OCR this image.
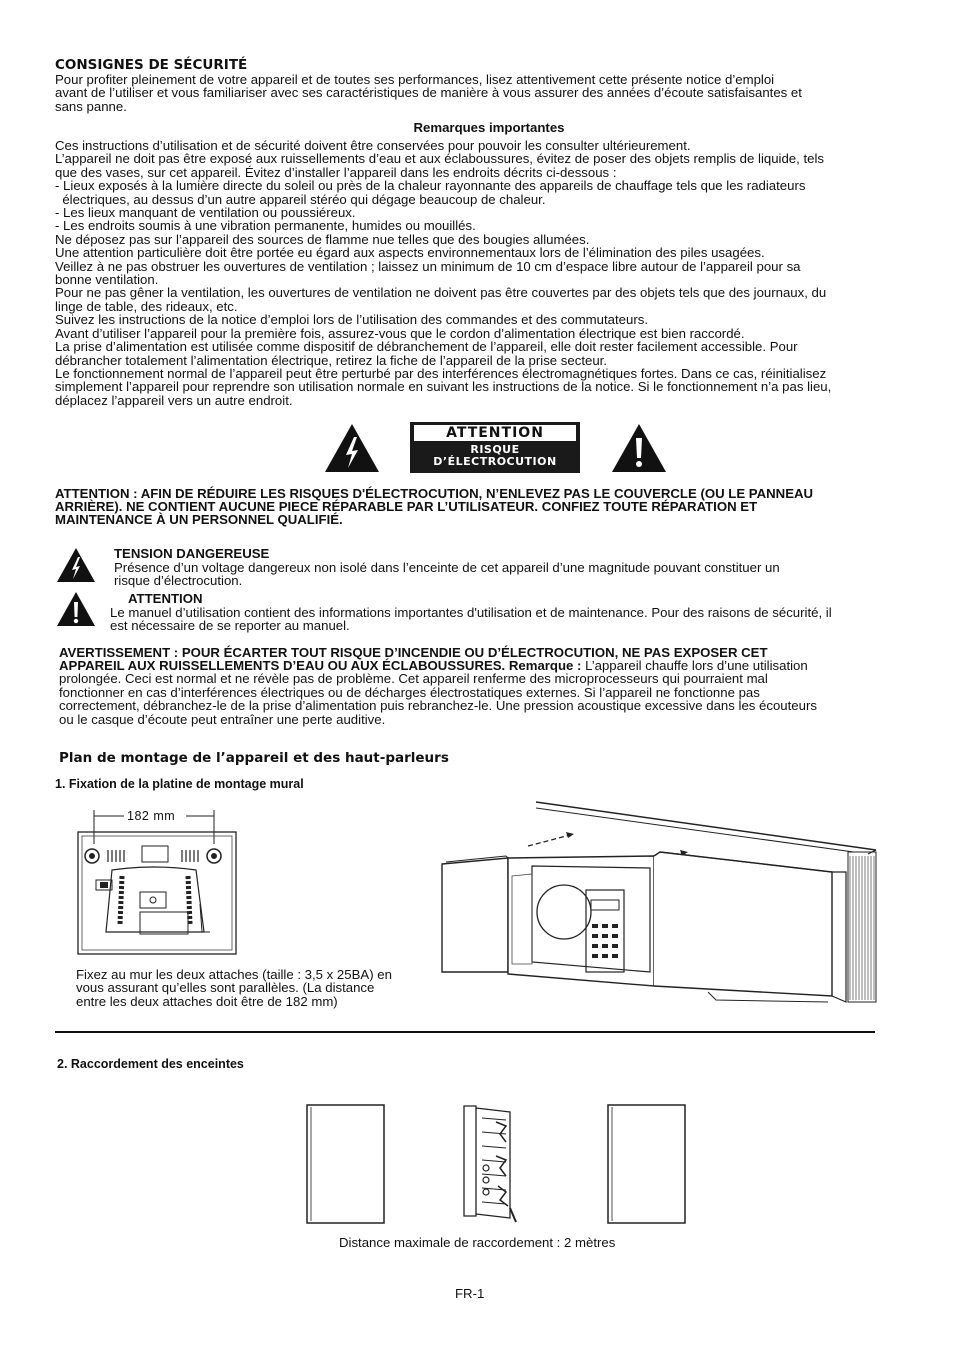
CONSIGNES DE SÉCURITÉ
Pour profiter pleinement de votre appareil et de toutes ses performances, lisez attentivement cette présente notice d’emploi
avant de l’utiliser et vous familiariser avec ses caractéristiques de manière à vous assurer des années d’écoute satisfaisantes et
sans panne.
Remarques importantes
Ces instructions d’utilisation et de sécurité doivent être conservées pour pouvoir les consulter ultérieurement.
L’appareil ne doit pas être exposé aux ruissellements d’eau et aux éclaboussures, évitez de poser des objets remplis de liquide, tels
que des vases, sur cet appareil. Évitez d’installer l’appareil dans les endroits décrits ci-dessous :
- Lieux exposés à la lumière directe du soleil ou près de la chaleur rayonnante des appareils de chauffage tels que les radiateurs
électriques, au dessus d’un autre appareil stéréo qui dégage beaucoup de chaleur.
- Les lieux manquant de ventilation ou poussiéreux.
- Les endroits soumis à une vibration permanente, humides ou mouillés.
Ne déposez pas sur l’appareil des sources de flamme nue telles que des bougies allumées.
Une attention particulière doit être portée eu égard aux aspects environnementaux lors de l’élimination des piles usagées.
Veillez à ne pas obstruer les ouvertures de ventilation ; laissez un minimum de 10 cm d’espace libre autour de l’appareil pour sa
bonne ventilation.
Pour ne pas gêner la ventilation, les ouvertures de ventilation ne doivent pas être couvertes par des objets tels que des journaux, du
linge de table, des rideaux, etc.
Suivez les instructions de la notice d’emploi lors de l’utilisation des commandes et des commutateurs.
Avant d’utiliser l’appareil pour la première fois, assurez-vous que le cordon d’alimentation électrique est bien raccordé.
La prise d’alimentation est utilisée comme dispositif de débranchement de l’appareil, elle doit rester facilement accessible. Pour
débrancher totalement l’alimentation électrique, retirez la fiche de l’appareil de la prise secteur.
Le fonctionnement normal de l’appareil peut être perturbé par des interférences électromagnétiques fortes. Dans ce cas, réinitialisez
simplement l’appareil pour reprendre son utilisation normale en suivant les instructions de la notice. Si le fonctionnement n’a pas lieu,
déplacez l’appareil vers un autre endroit.
ATTENTION
RISQUE
D’ÉLECTROCUTION
ATTENTION : AFIN DE RÉDUIRE LES RISQUES D'ÉLECTROCUTION, N’ENLEVEZ PAS LE COUVERCLE (OU LE PANNEAU
ARRIÈRE). NE CONTIENT AUCUNE PIECE RÉPARABLE PAR L’UTILISATEUR. CONFIEZ TOUTE RÉPARATION ET
MAINTENANCE À UN PERSONNEL QUALIFIÉ.
TENSION DANGEREUSE
Présence d’un voltage dangereux non isolé dans l’enceinte de cet appareil d’une magnitude pouvant constituer un
risque d’électrocution.
ATTENTION
Le manuel d’utilisation contient des informations importantes d'utilisation et de maintenance. Pour des raisons de sécurité, il
est nécessaire de se reporter au manuel.
AVERTISSEMENT : POUR ÉCARTER TOUT RISQUE D’INCENDIE OU D’ÉLECTROCUTION, NE PAS EXPOSER CET
APPAREIL AUX RUISSELLEMENTS D’EAU OU AUX ÉCLABOUSSURES. Remarque : L’appareil chauffe lors d’une utilisation
prolongée. Ceci est normal et ne révèle pas de problème. Cet appareil renferme des microprocesseurs qui pourraient mal
fonctionner en cas d’interférences électriques ou de décharges électrostatiques externes. Si l’appareil ne fonctionne pas
correctement, débranchez-le de la prise d’alimentation puis rebranchez-le. Une pression acoustique excessive dans les écouteurs
ou le casque d’écoute peut entraîner une perte auditive.
Plan de montage de l’appareil et des haut-parleurs
1. Fixation de la platine de montage mural
182 mm
Fixez au mur les deux attaches (taille : 3,5 x 25BA) en
vous assurant qu’elles sont parallèles. (La distance
entre les deux attaches doit être de 182 mm)
2. Raccordement des enceintes
Distance maximale de raccordement : 2 mètres
FR-1
